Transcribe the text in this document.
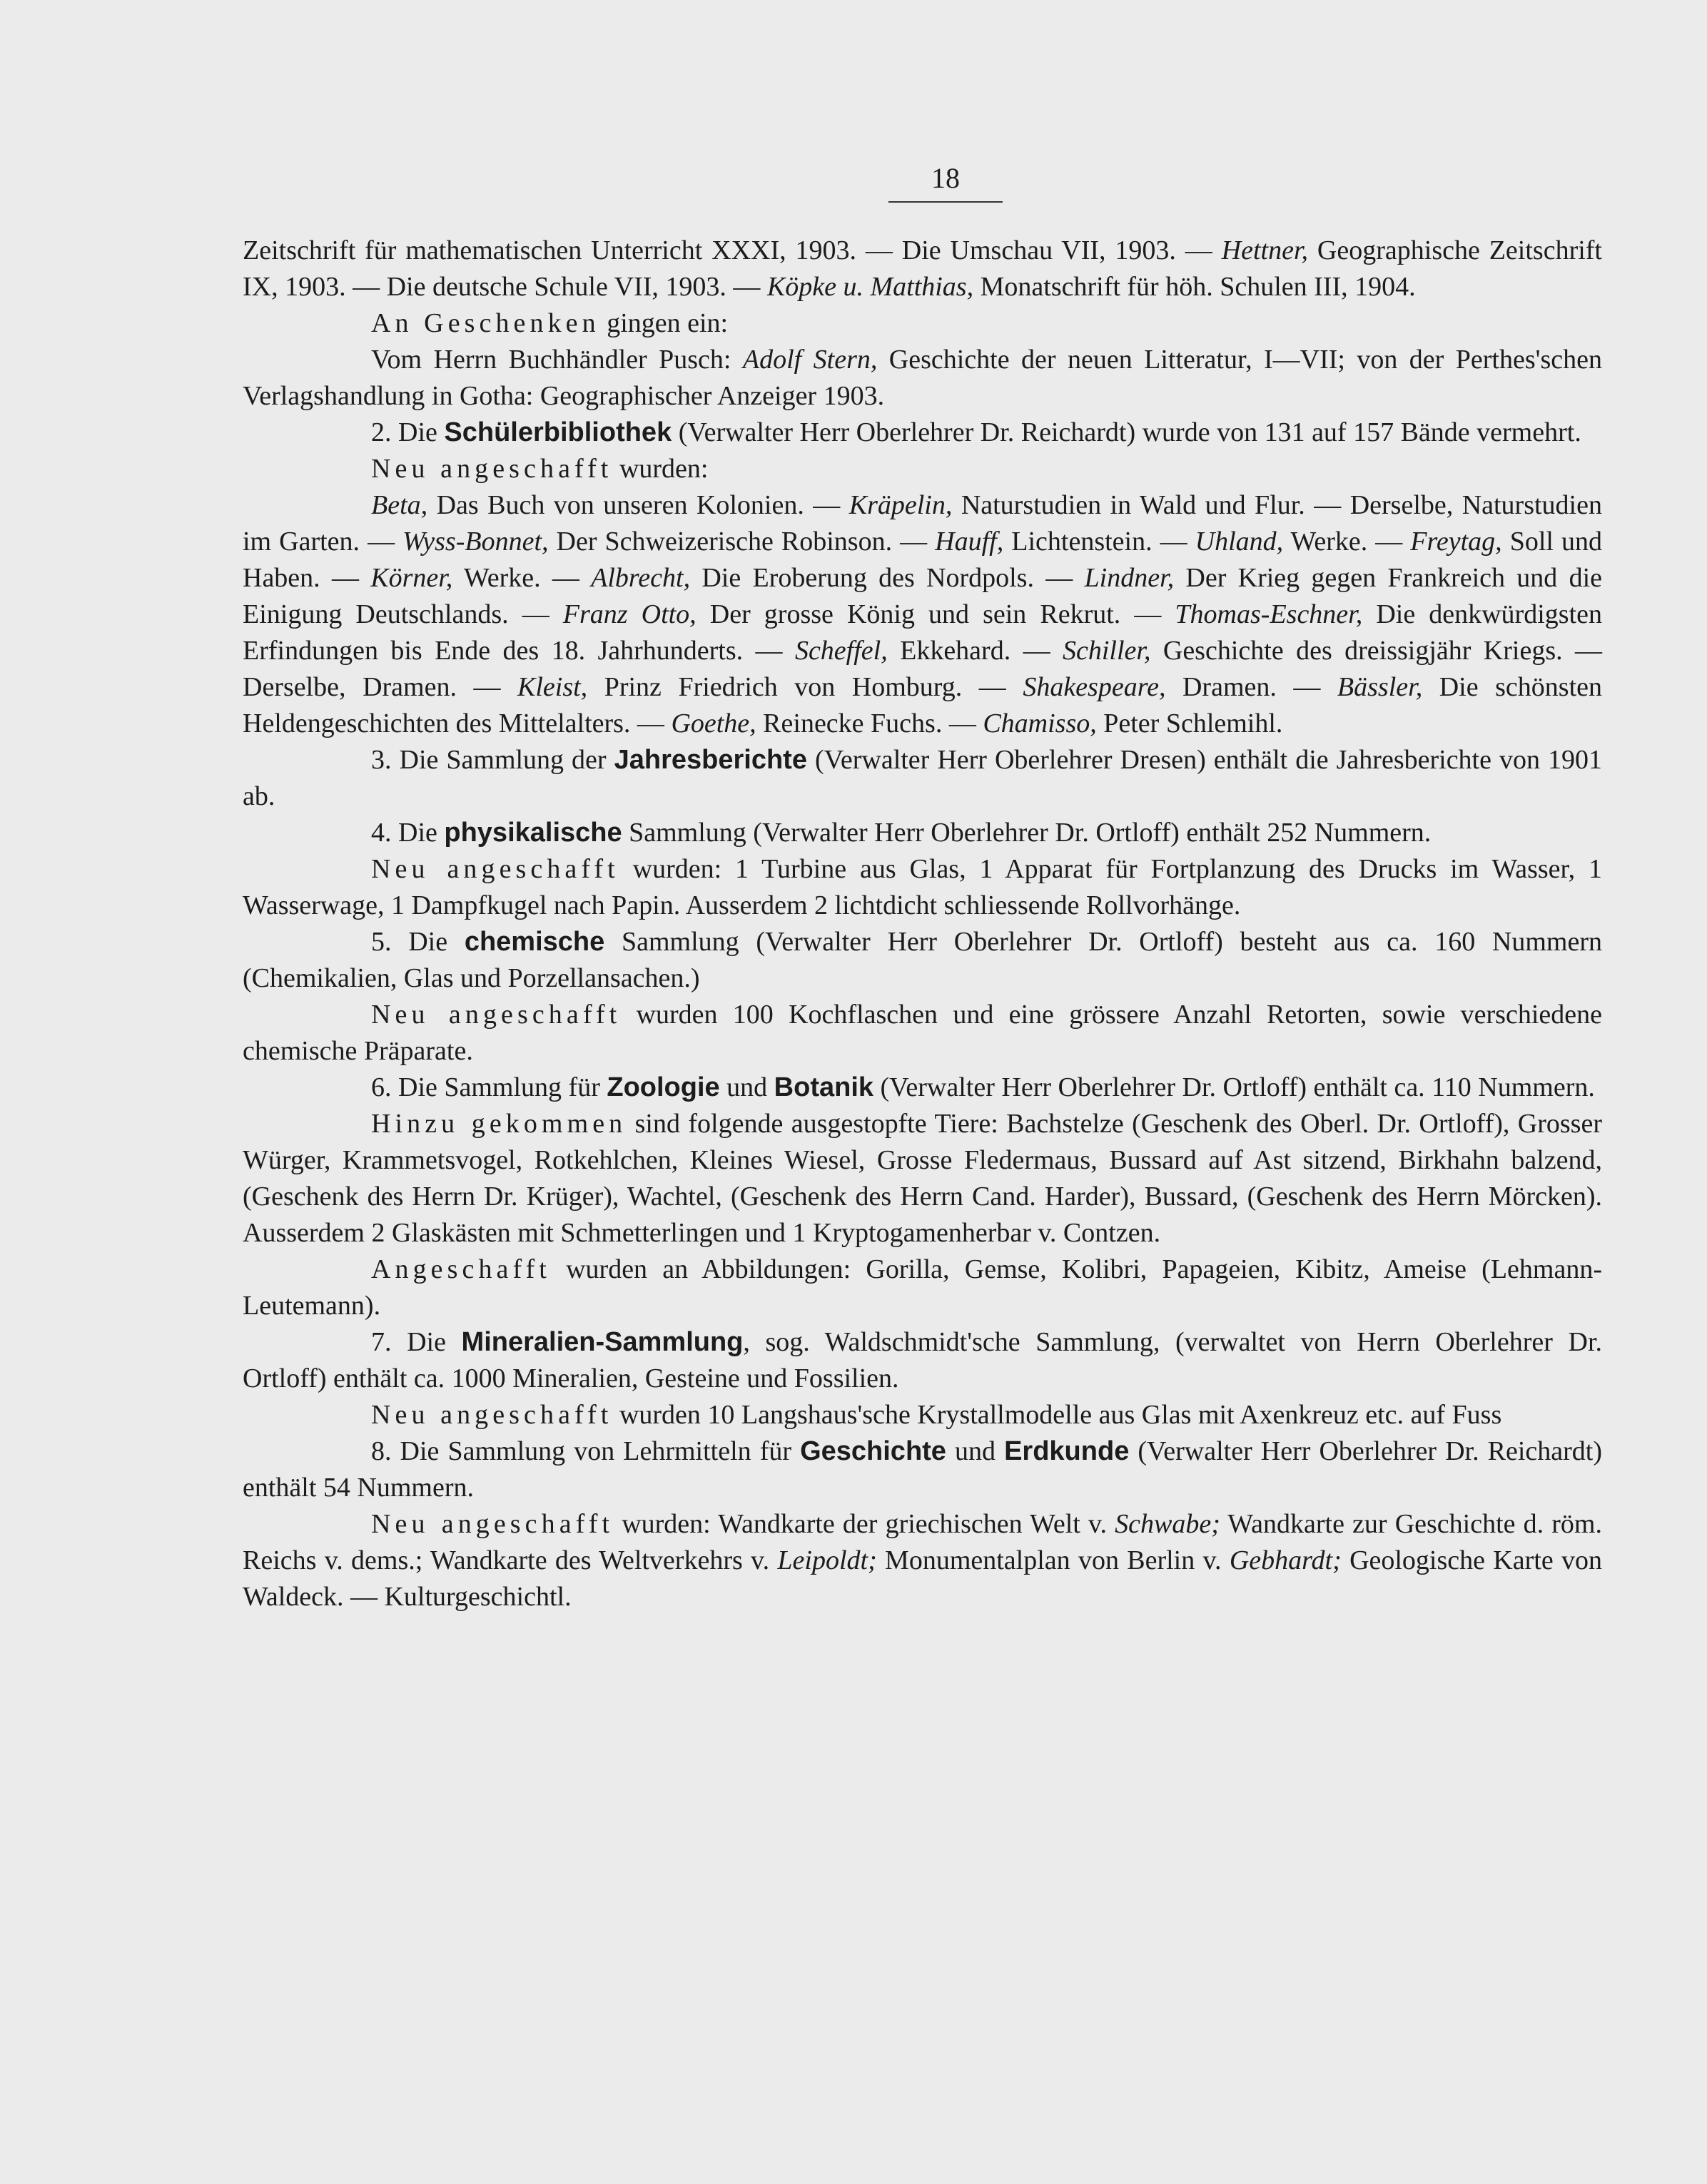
18

Zeitschrift für mathematischen Unterricht XXXI, 1903. — Die Umschau VII, 1903. — Hettner, Geographische Zeitschrift IX, 1903. — Die deutsche Schule VII, 1903. — Köpke u. Matthias, Monatschrift für höh. Schulen III, 1904.

An Geschenken gingen ein:

Vom Herrn Buchhändler Pusch: Adolf Stern, Geschichte der neuen Litteratur, I—VII; von der Perthes'schen Verlagshandlung in Gotha: Geographischer Anzeiger 1903.

2. Die Schülerbibliothek (Verwalter Herr Oberlehrer Dr. Reichardt) wurde von 131 auf 157 Bände vermehrt.

Neu angeschafft wurden:

Beta, Das Buch von unseren Kolonien. — Kräpelin, Naturstudien in Wald und Flur. — Derselbe, Naturstudien im Garten. — Wyss-Bonnet, Der Schweizerische Robinson. — Hauff, Lichtenstein. — Uhland, Werke. — Freytag, Soll und Haben. — Körner, Werke. — Albrecht, Die Eroberung des Nordpols. — Lindner, Der Krieg gegen Frankreich und die Einigung Deutschlands. — Franz Otto, Der grosse König und sein Rekrut. — Thomas-Eschner, Die denkwürdigsten Erfindungen bis Ende des 18. Jahrhunderts. — Scheffel, Ekkehard. — Schiller, Geschichte des dreissigjähr Kriegs. — Derselbe, Dramen. — Kleist, Prinz Friedrich von Homburg. — Shakespeare, Dramen. — Bässler, Die schönsten Heldengeschichten des Mittelalters. — Goethe, Reinecke Fuchs. — Chamisso, Peter Schlemihl.

3. Die Sammlung der Jahresberichte (Verwalter Herr Oberlehrer Dresen) enthält die Jahresberichte von 1901 ab.

4. Die physikalische Sammlung (Verwalter Herr Oberlehrer Dr. Ortloff) enthält 252 Nummern.

Neu angeschafft wurden: 1 Turbine aus Glas, 1 Apparat für Fortplanzung des Drucks im Wasser, 1 Wasserwage, 1 Dampfkugel nach Papin. Ausserdem 2 lichtdicht schliessende Rollvorhänge.

5. Die chemische Sammlung (Verwalter Herr Oberlehrer Dr. Ortloff) besteht aus ca. 160 Nummern (Chemikalien, Glas und Porzellansachen.)

Neu angeschafft wurden 100 Kochflaschen und eine grössere Anzahl Retorten, sowie verschiedene chemische Präparate.

6. Die Sammlung für Zoologie und Botanik (Verwalter Herr Oberlehrer Dr. Ortloff) enthält ca. 110 Nummern.

Hinzu gekommen sind folgende ausgestopfte Tiere: Bachstelze (Geschenk des Oberl. Dr. Ortloff), Grosser Würger, Krammetsvogel, Rotkehlchen, Kleines Wiesel, Grosse Fledermaus, Bussard auf Ast sitzend, Birkhahn balzend, (Geschenk des Herrn Dr. Krüger), Wachtel, (Geschenk des Herrn Cand. Harder), Bussard, (Geschenk des Herrn Mörcken). Ausserdem 2 Glaskästen mit Schmetterlingen und 1 Kryptogamenherbar v. Contzen.

Angeschafft wurden an Abbildungen: Gorilla, Gemse, Kolibri, Papageien, Kibitz, Ameise (Lehmann-Leutemann).

7. Die Mineralien-Sammlung, sog. Waldschmidt'sche Sammlung, (verwaltet von Herrn Oberlehrer Dr. Ortloff) enthält ca. 1000 Mineralien, Gesteine und Fossilien.

Neu angeschafft wurden 10 Langshaus'sche Krystallmodelle aus Glas mit Axenkreuz etc. auf Fuss

8. Die Sammlung von Lehrmitteln für Geschichte und Erdkunde (Verwalter Herr Oberlehrer Dr. Reichardt) enthält 54 Nummern.

Neu angeschafft wurden: Wandkarte der griechischen Welt v. Schwabe; Wandkarte zur Geschichte d. röm. Reichs v. dems.; Wandkarte des Weltverkehrs v. Leipoldt; Monumentalplan von Berlin v. Gebhardt; Geologische Karte von Waldeck. — Kulturgeschichtl.
